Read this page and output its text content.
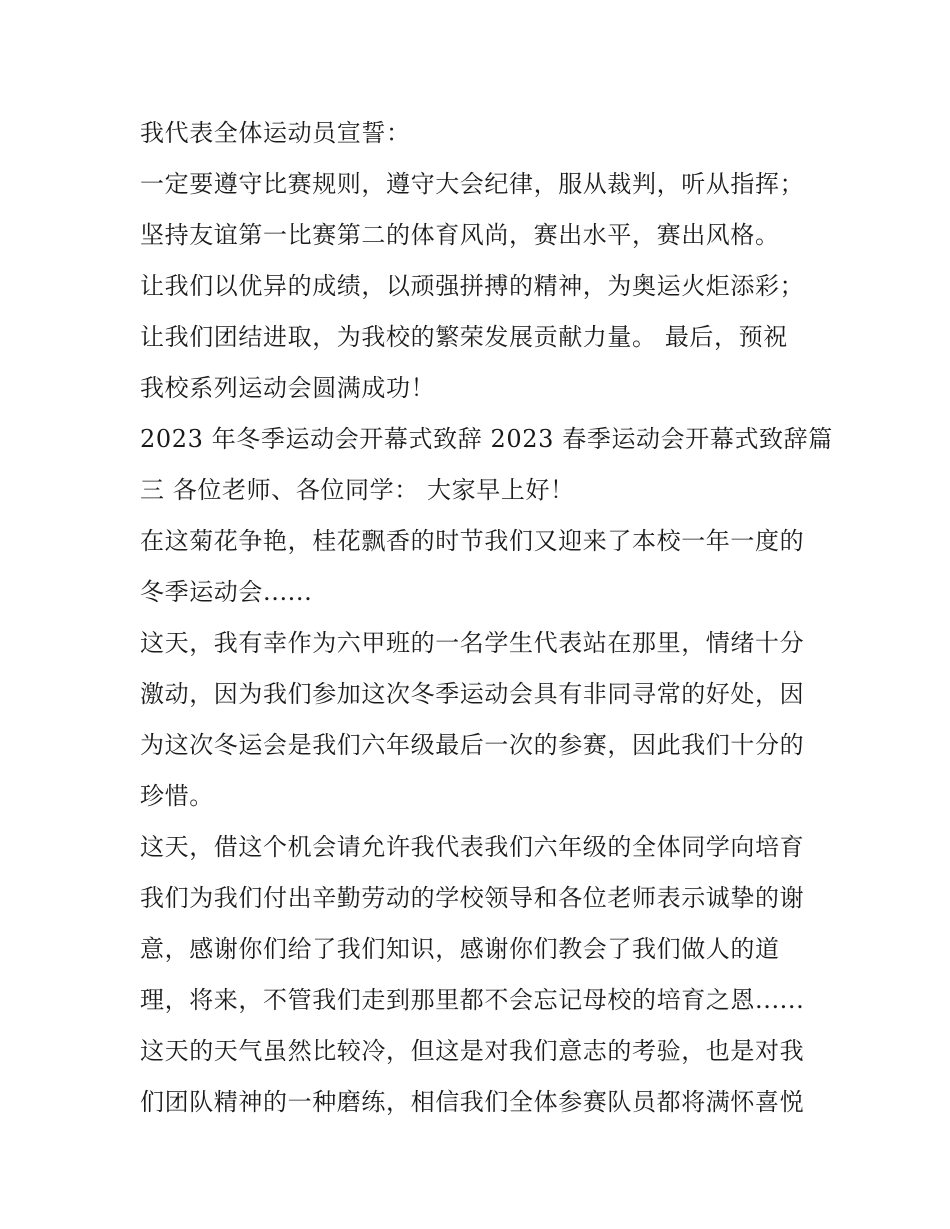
我代表全体运动员宣誓：
一定要遵守比赛规则，遵守大会纪律，服从裁判，听从指挥；
坚持友谊第一比赛第二的体育风尚，赛出水平，赛出风格。
让我们以优异的成绩，以顽强拼搏的精神，为奥运火炬添彩；
让我们团结进取，为我校的繁荣发展贡献力量。 最后，预祝
我校系列运动会圆满成功！
2023 年冬季运动会开幕式致辞 2023 春季运动会开幕式致辞篇
三 各位老师、各位同学： 大家早上好！
在这菊花争艳，桂花飘香的时节我们又迎来了本校一年一度的
冬季运动会......
这天，我有幸作为六甲班的一名学生代表站在那里，情绪十分
激动，因为我们参加这次冬季运动会具有非同寻常的好处，因
为这次冬运会是我们六年级最后一次的参赛，因此我们十分的
珍惜。
这天，借这个机会请允许我代表我们六年级的全体同学向培育
我们为我们付出辛勤劳动的学校领导和各位老师表示诚挚的谢
意，感谢你们给了我们知识，感谢你们教会了我们做人的道
理，将来，不管我们走到那里都不会忘记母校的培育之恩......
这天的天气虽然比较冷，但这是对我们意志的考验，也是对我
们团队精神的一种磨练，相信我们全体参赛队员都将满怀喜悦
